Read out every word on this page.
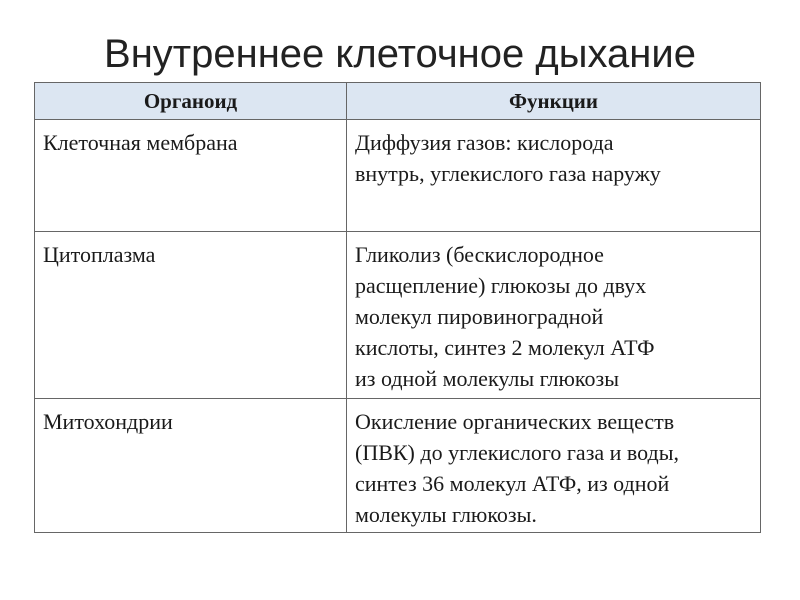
Внутреннее клеточное дыхание
Органоид	Функции

Клеточная мембрана	Диффузия газов: кислорода
внутрь, углекислого газа наружу

Цитоплазма	Гликолиз (бескислородное
расщепление) глюкозы до двух
молекул пировиноградной
кислоты, синтез 2 молекул АТФ
из одной молекулы глюкозы

Митохондрии	Окисление органических веществ
(ПВК) до углекислого газа и воды,
синтез 36 молекул АТФ, из одной
молекулы глюкозы.
